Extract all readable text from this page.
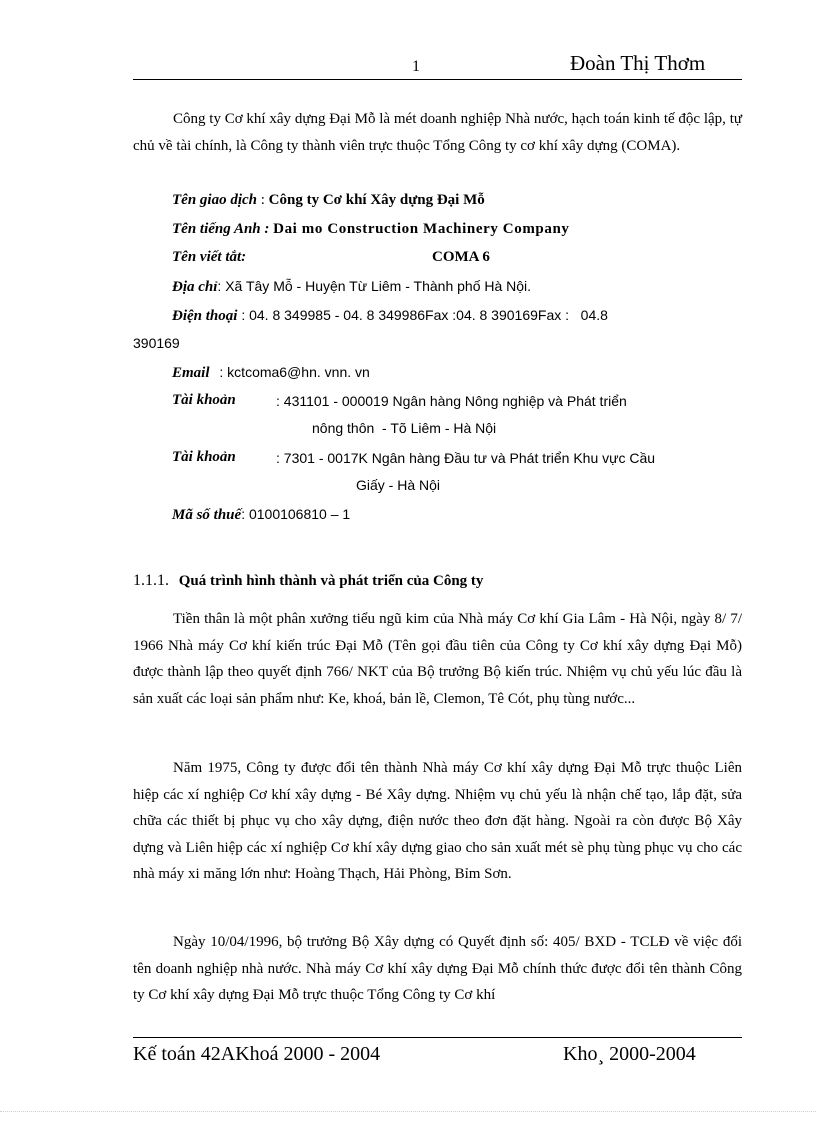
1	Đoàn Thị Thơm

Công ty Cơ khí xây dựng Đại Mỗ là mét doanh nghiệp Nhà nước, hạch toán kinh tế độc lập, tự chủ về tài chính, là Công ty thành viên trực thuộc Tổng Công ty cơ khí xây dựng (COMA).

Tên giao dịch : Công ty Cơ khí Xây dựng Đại Mỗ
Tên tiếng Anh : Dai mo Construction Machinery Company
Tên viết tắt:	COMA 6
Địa chỉ: Xã Tây Mỗ - Huyện Từ Liêm - Thành phố Hà Nội.
Điện thoại : 04. 8 349985 - 04. 8 349986Fax :04. 8 390169Fax :   04.8
390169
Email : kctcoma6@hn. vnn. vn
Tài khoản	: 431101 - 000019 Ngân hàng Nông nghiệp và Phát triển
nông thôn  - Tõ Liêm - Hà Nội
Tài khoản	: 7301 - 0017K Ngân hàng Đầu tư và Phát triển Khu vực Cầu
Giấy - Hà Nội
Mã số thuế: 0100106810 – 1
1.1.1. Quá trình hình thành và phát triển của Công ty

Tiền thân là một phân xưởng tiểu ngũ kim của Nhà máy Cơ khí Gia Lâm - Hà Nội, ngày 8/ 7/ 1966 Nhà máy Cơ khí kiến trúc Đại Mỗ (Tên gọi đầu tiên của Công ty Cơ khí xây dựng Đại Mỗ) được thành lập theo quyết định 766/ NKT của Bộ trưởng Bộ kiến trúc. Nhiệm vụ chủ yếu lúc đầu là sản xuất các loại sản phẩm như: Ke, khoá, bản lề, Clemon, Tê Cót, phụ tùng nước...

Năm 1975, Công ty được đổi tên thành Nhà máy Cơ khí xây dựng Đại Mỗ trực thuộc Liên hiệp các xí nghiệp Cơ khí xây dựng - Bé Xây dựng. Nhiệm vụ chủ yếu là nhận chế tạo, lắp đặt, sửa chữa các thiết bị phục vụ cho xây dựng, điện nước theo đơn đặt hàng. Ngoài ra còn được Bộ Xây dựng và Liên hiệp các xí nghiệp Cơ khí xây dựng giao cho sản xuất mét sè phụ tùng phục vụ cho các nhà máy xi măng lớn như: Hoàng Thạch, Hải Phòng, Bỉm Sơn.

Ngày 10/04/1996, bộ trưởng Bộ Xây dựng có Quyết định số: 405/ BXD - TCLĐ về việc đổi tên doanh nghiệp nhà nước. Nhà máy Cơ khí xây dựng Đại Mỗ chính thức được đổi tên thành Công ty Cơ khí xây dựng Đại Mỗ trực thuộc Tổng Công ty Cơ khí

Kế toán 42AKhoá 2000 - 2004	Kho¸ 2000-2004
